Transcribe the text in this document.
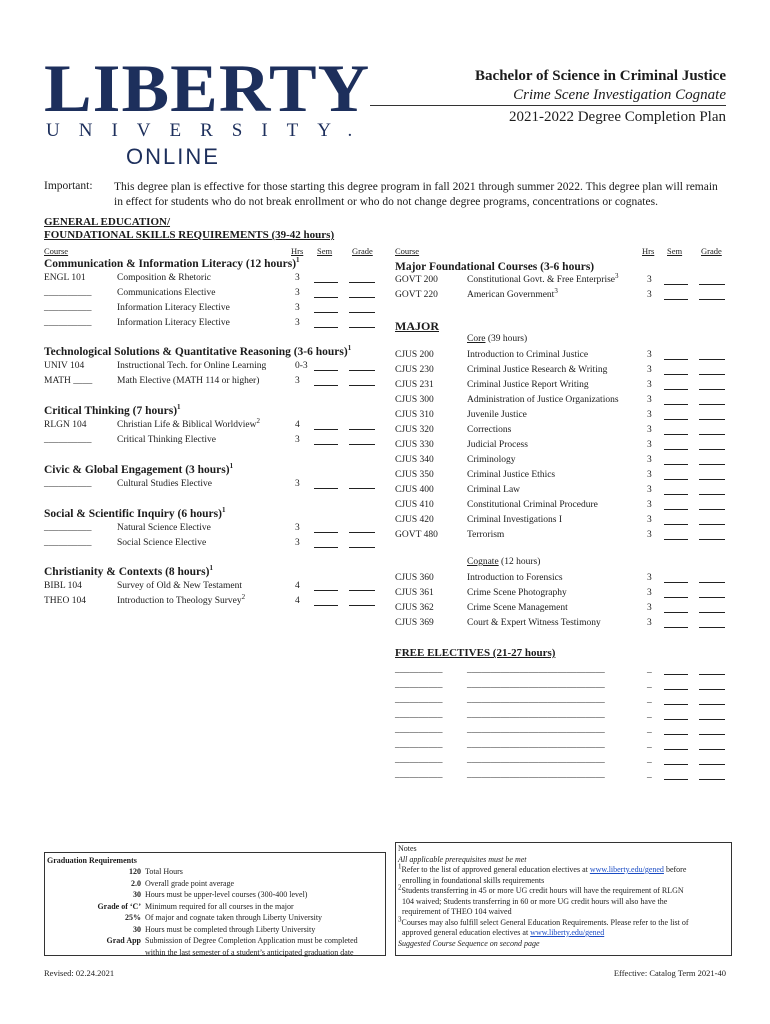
LIBERTY
UNIVERSITY.
ONLINE
Bachelor of Science in Criminal Justice
Crime Scene Investigation Cognate
2021-2022 Degree Completion Plan
Important: This degree plan is effective for those starting this degree program in fall 2021 through summer 2022. This degree plan will remain in effect for students who do not break enrollment or who do not change degree programs, concentrations or cognates.
GENERAL EDUCATION/
FOUNDATIONAL SKILLS REQUIREMENTS (39-42 hours)
Course	Hrs Sem Grade	Course	Hrs Sem Grade
Communication & Information Literacy (12 hours)$^1$
ENGL 101	Composition & Rhetoric	3
__________	Communications Elective	3
__________	Information Literacy Elective	3
__________	Information Literacy Elective	3
Technological Solutions & Quantitative Reasoning (3-6 hours)$^1$
UNIV 104	Instructional Tech. for Online Learning	0-3
MATH ____	Math Elective (MATH 114 or higher)	3
Critical Thinking (7 hours)$^1$
RLGN 104	Christian Life & Biblical Worldview$^2$	4
__________	Critical Thinking Elective	3
Civic & Global Engagement (3 hours)$^1$
__________	Cultural Studies Elective	3
Social & Scientific Inquiry (6 hours)$^1$
__________	Natural Science Elective	3
__________	Social Science Elective	3
Christianity & Contexts (8 hours)$^1$
BIBL 104	Survey of Old & New Testament	4
THEO 104	Introduction to Theology Survey$^2$	4
Major Foundational Courses (3-6 hours)
GOVT 200	Constitutional Govt. & Free Enterprise$^3$	3
GOVT 220	American Government$^3$	3
MAJOR
Core (39 hours)
CJUS 200	Introduction to Criminal Justice	3
CJUS 230	Criminal Justice Research & Writing	3
CJUS 231	Criminal Justice Report Writing	3
CJUS 300	Administration of Justice Organizations	3
CJUS 310	Juvenile Justice	3
CJUS 320	Corrections	3
CJUS 330	Judicial Process	3
CJUS 340	Criminology	3
CJUS 350	Criminal Justice Ethics	3
CJUS 400	Criminal Law	3
CJUS 410	Constitutional Criminal Procedure	3
CJUS 420	Criminal Investigations I	3
GOVT 480	Terrorism	3
Cognate (12 hours)
CJUS 360	Introduction to Forensics	3
CJUS 361	Crime Scene Photography	3
CJUS 362	Crime Scene Management	3
CJUS 369	Court & Expert Witness Testimony	3
FREE ELECTIVES (21-27 hours)
__________	_____________________________	_
__________	_____________________________	_
__________	_____________________________	_
__________	_____________________________	_
__________	_____________________________	_
__________	_____________________________	_
__________	_____________________________	_
__________	_____________________________	_
Graduation Requirements
120 Total Hours
2.0 Overall grade point average
30 Hours must be upper-level courses (300-400 level)
Grade of ‘C’ Minimum required for all courses in the major
25% Of major and cognate taken through Liberty University
30 Hours must be completed through Liberty University
Grad App Submission of Degree Completion Application must be completed
within the last semester of a student’s anticipated graduation date
Notes
All applicable prerequisites must be met
$^1$Refer to the list of approved general education electives at www.liberty.edu/gened before
enrolling in foundational skills requirements
$^2$Students transferring in 45 or more UG credit hours will have the requirement of RLGN
104 waived; Students transferring in 60 or more UG credit hours will also have the
requirement of THEO 104 waived
$^3$Courses may also fulfill select General Education Requirements. Please refer to the list of
approved general education electives at www.liberty.edu/gened
Suggested Course Sequence on second page
Revised: 02.24.2021	Effective: Catalog Term 2021-40
